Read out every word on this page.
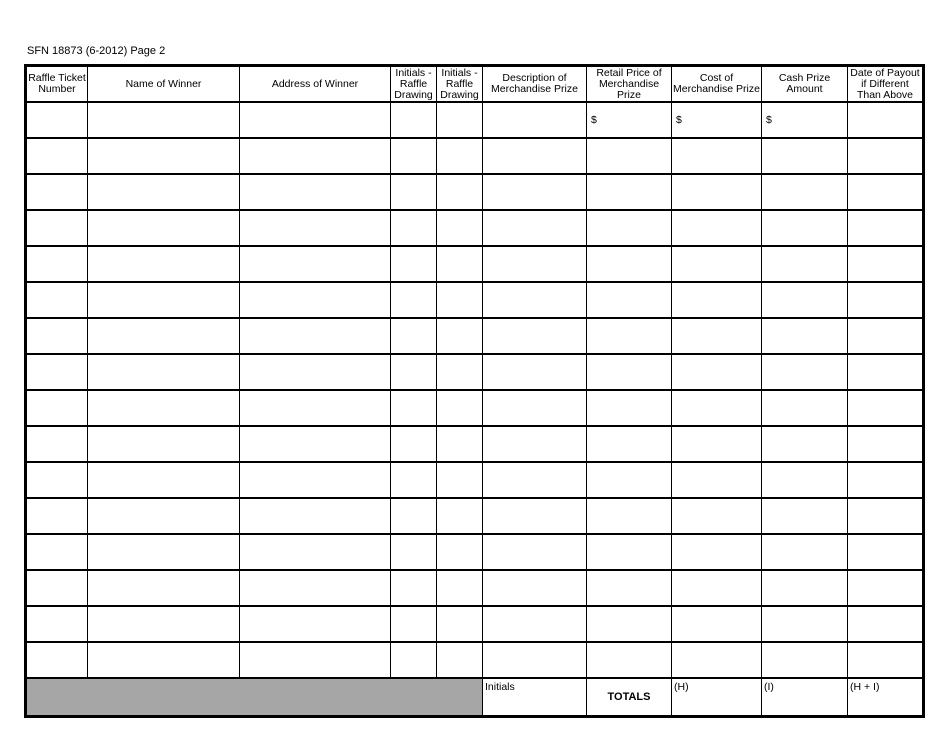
SFN 18873 (6-2012) Page 2
Raffle Ticket Number	Name of Winner	Address of Winner	Initials - Raffle Drawing	Initials - Raffle Drawing	Description of Merchandise Prize	Retail Price of Merchandise Prize	Cost of Merchandise Prize	Cash Prize Amount	Date of Payout if Different Than Above
						$	$	$	

					Initials	TOTALS	(H)	(I)	(H + I)
